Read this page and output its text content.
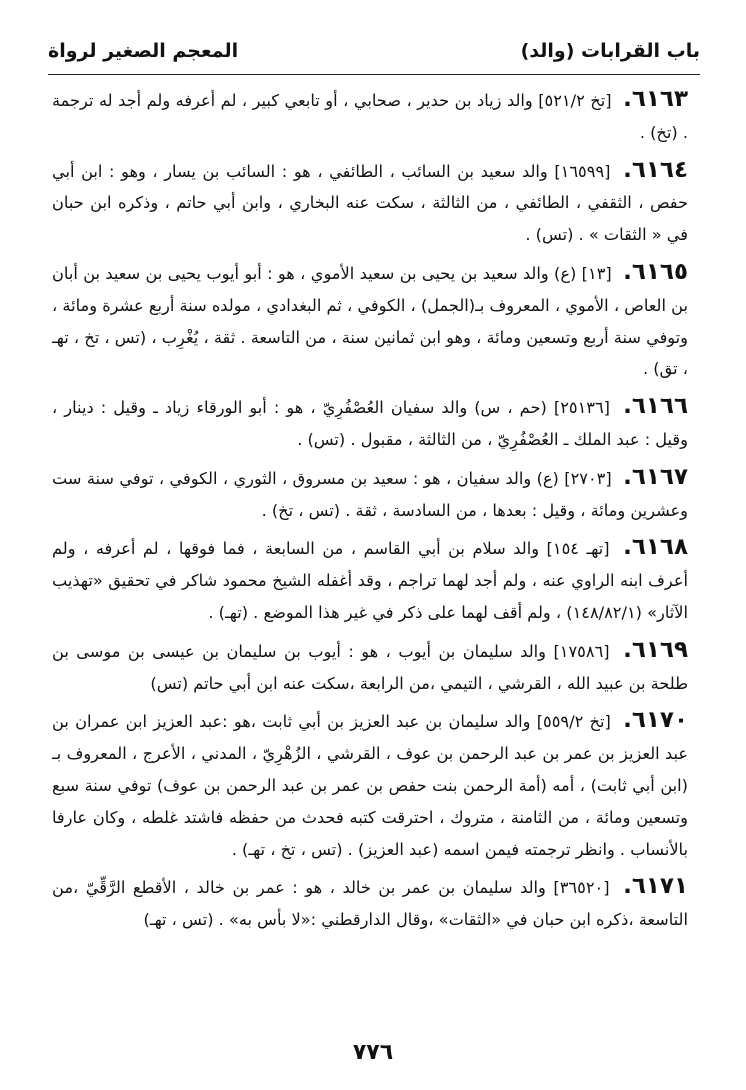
باب القرابات (والد)
المعجم الصغير لرواة

٦١٦٣. [تخ ٥٢١/٢] والد زياد بن حدير ، صحابي ، أو تابعي كبير ، لم أعرفه ولم أجد له ترجمة . (تخ) .

٦١٦٤. [١٦٥٩٩] والد سعيد بن السائب ، الطائفي ، هو : السائب بن يسار ، وهو : ابن أبي حفص ، الثقفي ، الطائفي ، من الثالثة ، سكت عنه البخاري ، وابن أبي حاتم ، وذكره ابن حبان في « الثقات » . (تس) .

٦١٦٥. [١٣] (ع) والد سعيد بن يحيى بن سعيد الأموي ، هو : أبو أيوب يحيى بن سعيد بن أبان بن العاص ، الأموي ، المعروف بـ(الجمل) ، الكوفي ، ثم البغدادي ، مولده سنة أربع عشرة ومائة ، وتوفي سنة أربع وتسعين ومائة ، وهو ابن ثمانين سنة ، من التاسعة . ثقة ، يُغْرِب ، (تس ، تخ ، تهـ ، تق) .

٦١٦٦. [٢٥١٣٦] (حم ، س) والد سفيان العُصْفُرِيّ ، هو : أبو الورقاء زياد ـ وقيل : دينار ، وقيل : عبد الملك ـ العُصْفُرِيّ ، من الثالثة ، مقبول . (تس) .

٦١٦٧. [٢٧٠٣] (ع) والد سفيان ، هو : سعيد بن مسروق ، الثوري ، الكوفي ، توفي سنة ست وعشرين ومائة ، وقيل : بعدها ، من السادسة ، ثقة . (تس ، تخ) .

٦١٦٨. [تهـ ١٥٤] والد سلام بن أبي القاسم ، من السابعة ، فما فوقها ، لم أعرفه ، ولم أعرف ابنه الراوي عنه ، ولم أجد لهما تراجم ، وقد أغفله الشيخ محمود شاكر في تحقيق «تهذيب الآثار» (١٤٨/٨٢/١) ، ولم أقف لهما على ذكر في غير هذا الموضع . (تهـ) .

٦١٦٩. [١٧٥٨٦] والد سليمان بن أيوب ، هو : أيوب بن سليمان بن عيسى بن موسى بن طلحة بن عبيد الله ، القرشي ، التيمي ،من الرابعة ،سكت عنه ابن أبي حاتم (تس)

٦١٧٠. [تخ ٥٥٩/٢] والد سليمان بن عبد العزيز بن أبي ثابت ،هو :عبد العزيز ابن عمران بن عبد العزيز بن عمر بن عبد الرحمن بن عوف ، القرشي ، الزُهْرِيّ ، المدني ، الأعرج ، المعروف بـ (ابن أبي ثابت) ، أمه (أمة الرحمن بنت حفص بن عمر بن عبد الرحمن بن عوف) توفي سنة سبع وتسعين ومائة ، من الثامنة ، متروك ، احترقت كتبه فحدث من حفظه فاشتد غلطه ، وكان عارفا بالأنساب . وانظر ترجمته فيمن اسمه (عبد العزيز) . (تس ، تخ ، تهـ) .

٦١٧١. [٣٦٥٢٠] والد سليمان بن عمر بن خالد ، هو : عمر بن خالد ، الأقطع الرَّقِّيّ ،من التاسعة ،ذكره ابن حبان في «الثقات» ،وقال الدارقطني :«لا بأس به» . (تس ، تهـ)

٧٧٦
